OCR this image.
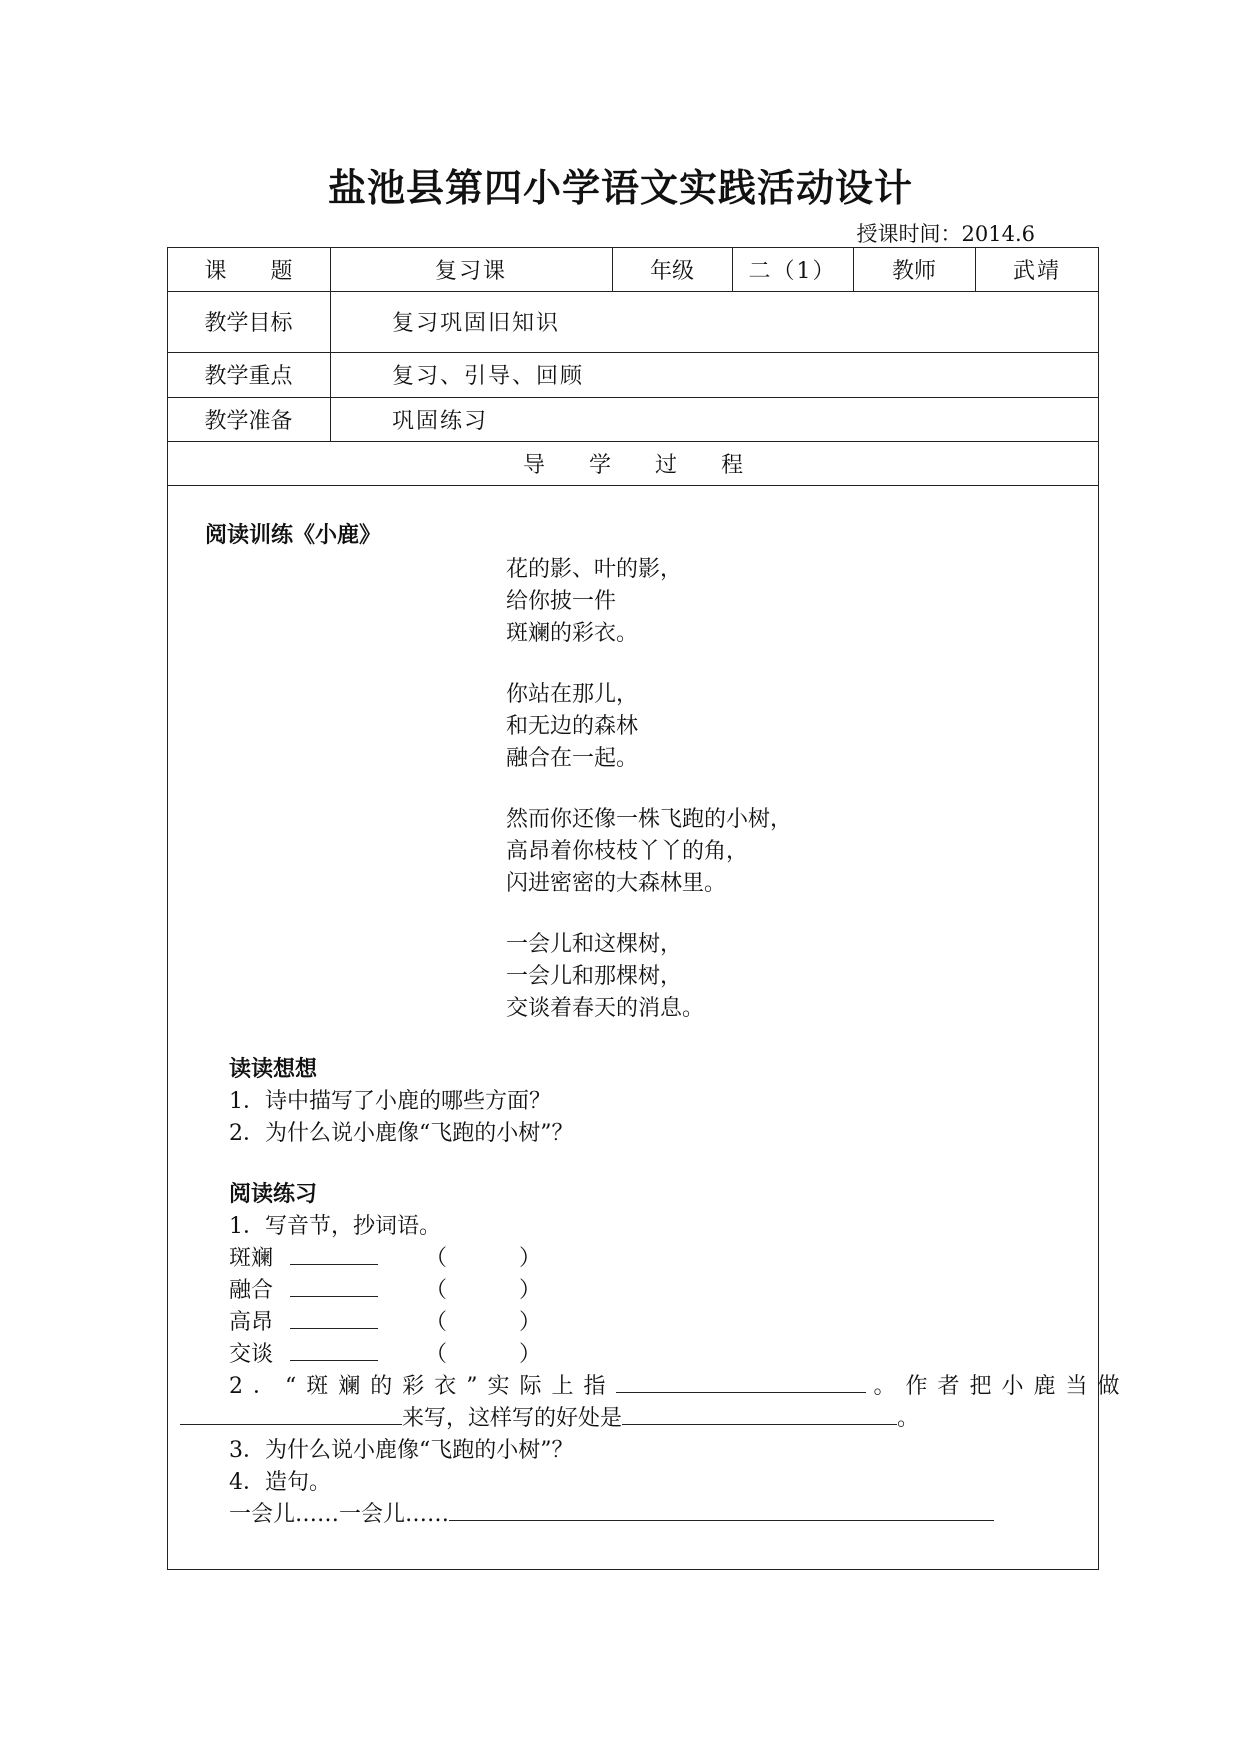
盐池县第四小学语文实践活动设计
授课时间：2014.6
课　　题	复习课	年级	二（1）	教师	武靖
教学目标	复习巩固旧知识
教学重点	复习、引导、回顾
教学准备	巩固练习
导　　学　　过　　程
阅读训练《小鹿》
花的影、叶的影，
给你披一件
斑斓的彩衣。
你站在那儿，
和无边的森林
融合在一起。
然而你还像一株飞跑的小树，
高昂着你枝枝丫丫的角，
闪进密密的大森林里。
一会儿和这棵树，
一会儿和那棵树，
交谈着春天的消息。
读读想想
1．诗中描写了小鹿的哪些方面？
2．为什么说小鹿像“飞跑的小树”？
阅读练习
1．写音节，抄词语。
斑斓	（	）
融合	（	）
高昂	（	）
交谈	（	）
2．“斑斓的彩衣”实际上指	。作者把小鹿当做
来写，这样写的好处是	。
3．为什么说小鹿像“飞跑的小树”？
4．造句。
一会儿……一会儿……
